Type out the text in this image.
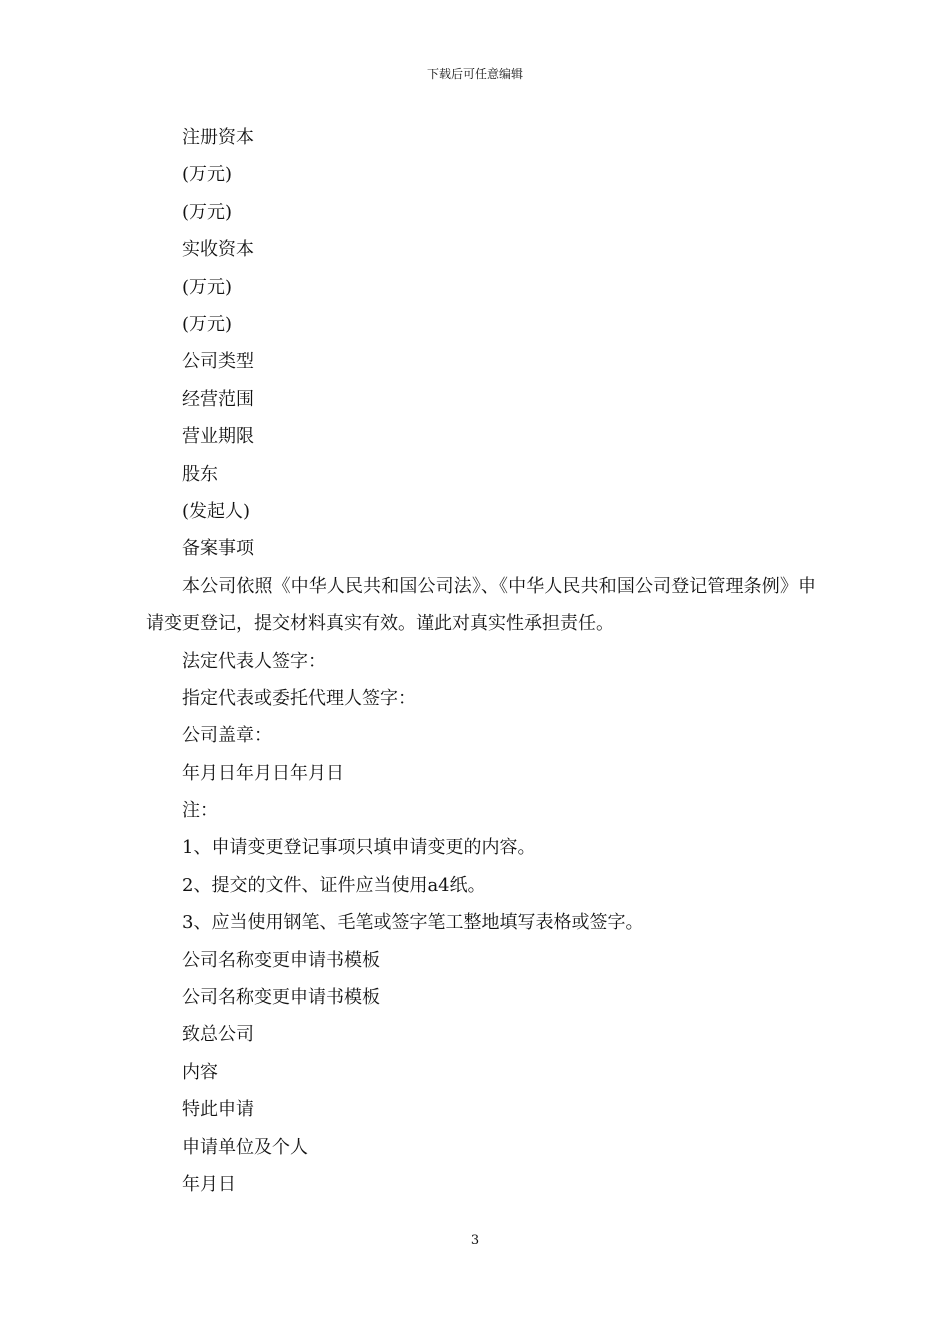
下载后可任意编辑
注册资本
(万元)
(万元)
实收资本
(万元)
(万元)
公司类型
经营范围
营业期限
股东
(发起人)
备案事项

本公司依照《中华人民共和国公司法》、《中华人民共和国公司登记管理条例》申请变更登记，提交材料真实有效。谨此对真实性承担责任。

法定代表人签字：
指定代表或委托代理人签字：
公司盖章：
年月日年月日年月日
注：
1、申请变更登记事项只填申请变更的内容。
2、提交的文件、证件应当使用a4纸。
3、应当使用钢笔、毛笔或签字笔工整地填写表格或签字。
公司名称变更申请书模板
公司名称变更申请书模板
致总公司
内容
特此申请
申请单位及个人
年月日
3
